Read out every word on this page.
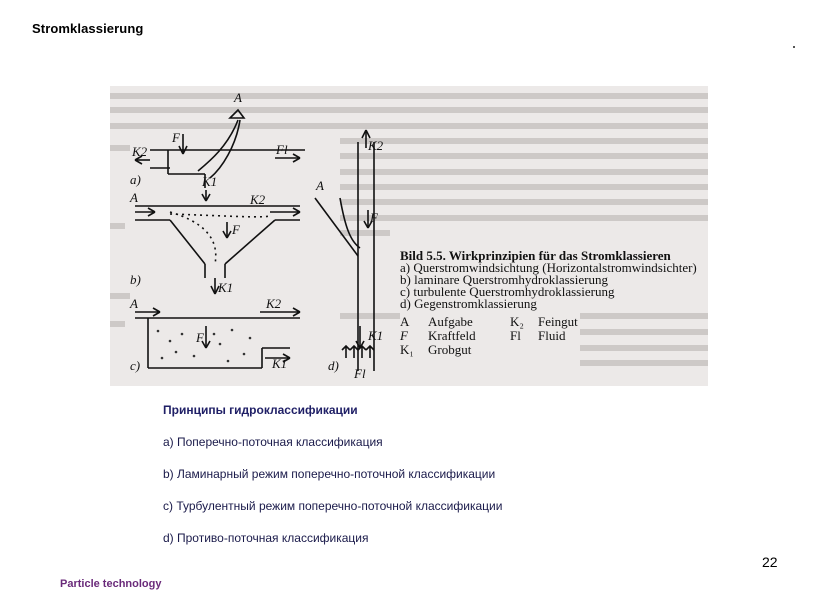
Stromklassierung
A
F
Fl
K2
K1
a)
A	K2
F
K1
b)
A	K2
F
K1
c)
K2
A
F
K1
Fl
d)
Bild 5.5. Wirkprinzipien für das Stromklassieren
a) Querstromwindsichtung (Horizontalstromwindsichter)
b) laminare Querstromhydroklassierung
c) turbulente Querstromhydroklassierung
d) Gegenstromklassierung
A Aufgabe	K₂ Feingut
F Kraftfeld	Fl Fluid
K₁ Grobgut
Принципы гидроклассификации
a) Поперечно-поточная классификация
b) Ламинарный режим поперечно-поточной классификации
c) Турбулентный режим поперечно-поточной классификации
d) Противо-поточная классификация
22
Particle technology
